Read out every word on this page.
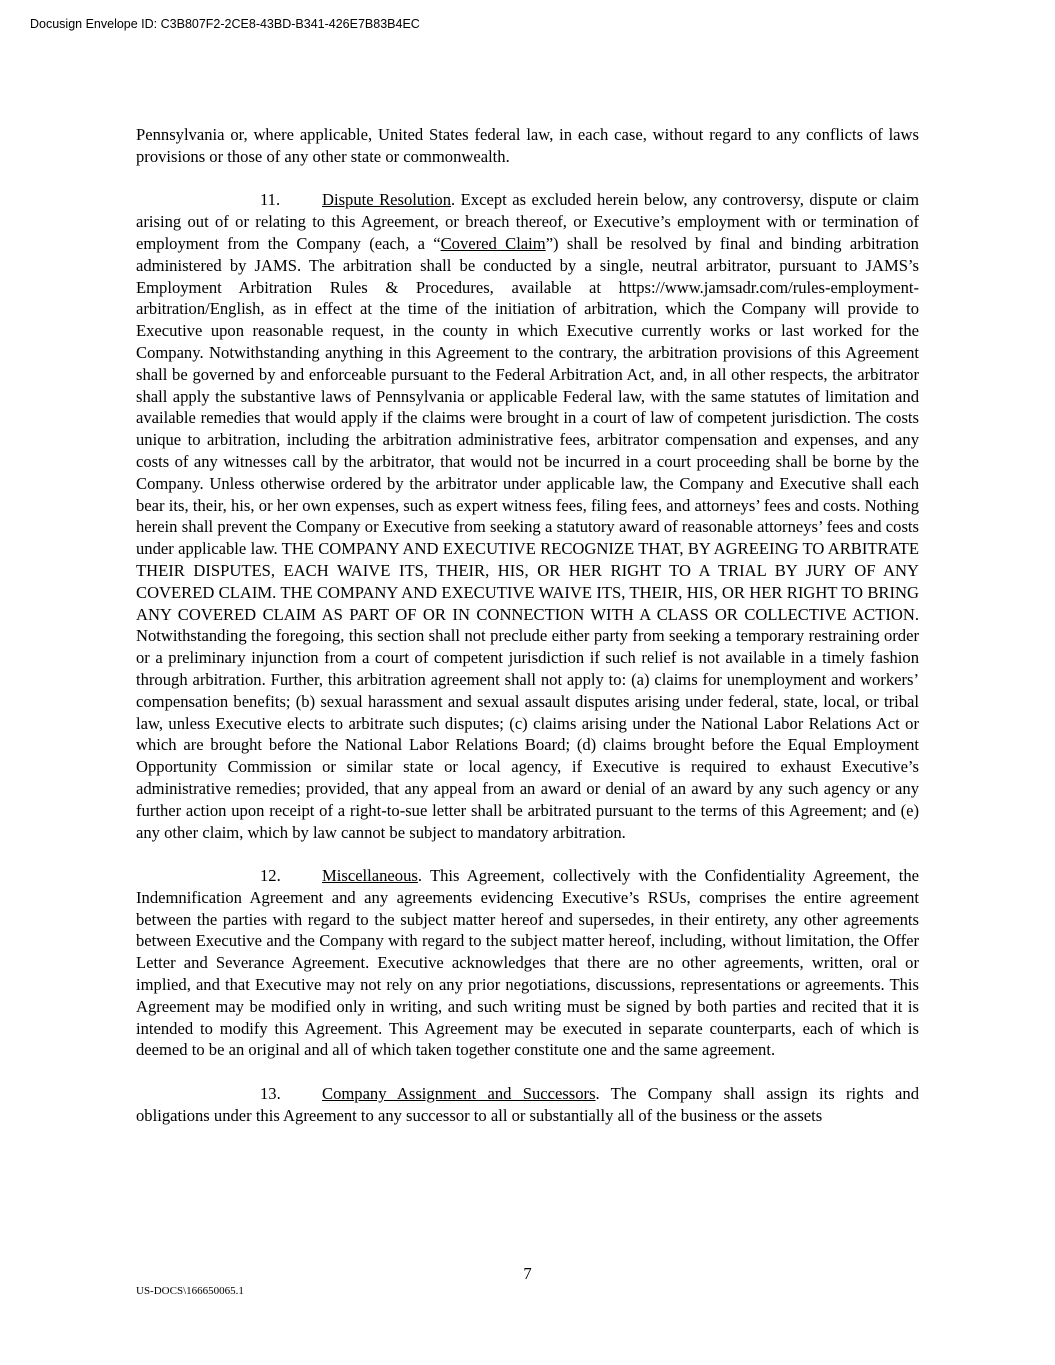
Docusign Envelope ID: C3B807F2-2CE8-43BD-B341-426E7B83B4EC

Pennsylvania or, where applicable, United States federal law, in each case, without regard to any conflicts of laws provisions or those of any other state or commonwealth.

11.	Dispute Resolution. Except as excluded herein below, any controversy, dispute or claim arising out of or relating to this Agreement, or breach thereof, or Executive’s employment with or termination of employment from the Company (each, a “Covered Claim”) shall be resolved by final and binding arbitration administered by JAMS. The arbitration shall be conducted by a single, neutral arbitrator, pursuant to JAMS’s Employment Arbitration Rules & Procedures, available at https://www.jamsadr.com/rules-employment-arbitration/English, as in effect at the time of the initiation of arbitration, which the Company will provide to Executive upon reasonable request, in the county in which Executive currently works or last worked for the Company. Notwithstanding anything in this Agreement to the contrary, the arbitration provisions of this Agreement shall be governed by and enforceable pursuant to the Federal Arbitration Act, and, in all other respects, the arbitrator shall apply the substantive laws of Pennsylvania or applicable Federal law, with the same statutes of limitation and available remedies that would apply if the claims were brought in a court of law of competent jurisdiction. The costs unique to arbitration, including the arbitration administrative fees, arbitrator compensation and expenses, and any costs of any witnesses call by the arbitrator, that would not be incurred in a court proceeding shall be borne by the Company. Unless otherwise ordered by the arbitrator under applicable law, the Company and Executive shall each bear its, their, his, or her own expenses, such as expert witness fees, filing fees, and attorneys’ fees and costs. Nothing herein shall prevent the Company or Executive from seeking a statutory award of reasonable attorneys’ fees and costs under applicable law. THE COMPANY AND EXECUTIVE RECOGNIZE THAT, BY AGREEING TO ARBITRATE THEIR DISPUTES, EACH WAIVE ITS, THEIR, HIS, OR HER RIGHT TO A TRIAL BY JURY OF ANY COVERED CLAIM. THE COMPANY AND EXECUTIVE WAIVE ITS, THEIR, HIS, OR HER RIGHT TO BRING ANY COVERED CLAIM AS PART OF OR IN CONNECTION WITH A CLASS OR COLLECTIVE ACTION. Notwithstanding the foregoing, this section shall not preclude either party from seeking a temporary restraining order or a preliminary injunction from a court of competent jurisdiction if such relief is not available in a timely fashion through arbitration. Further, this arbitration agreement shall not apply to: (a) claims for unemployment and workers’ compensation benefits; (b) sexual harassment and sexual assault disputes arising under federal, state, local, or tribal law, unless Executive elects to arbitrate such disputes; (c) claims arising under the National Labor Relations Act or which are brought before the National Labor Relations Board; (d) claims brought before the Equal Employment Opportunity Commission or similar state or local agency, if Executive is required to exhaust Executive’s administrative remedies; provided, that any appeal from an award or denial of an award by any such agency or any further action upon receipt of a right-to-sue letter shall be arbitrated pursuant to the terms of this Agreement; and (e) any other claim, which by law cannot be subject to mandatory arbitration.

12. Miscellaneous. This Agreement, collectively with the Confidentiality Agreement, the Indemnification Agreement and any agreements evidencing Executive’s RSUs, comprises the entire agreement between the parties with regard to the subject matter hereof and supersedes, in their entirety, any other agreements between Executive and the Company with regard to the subject matter hereof, including, without limitation, the Offer Letter and Severance Agreement. Executive acknowledges that there are no other agreements, written, oral or implied, and that Executive may not rely on any prior negotiations, discussions, representations or agreements. This Agreement may be modified only in writing, and such writing must be signed by both parties and recited that it is intended to modify this Agreement. This Agreement may be executed in separate counterparts, each of which is deemed to be an original and all of which taken together constitute one and the same agreement.

13. Company Assignment and Successors. The Company shall assign its rights and obligations under this Agreement to any successor to all or substantially all of the business or the assets

7
US-DOCS\166650065.1
